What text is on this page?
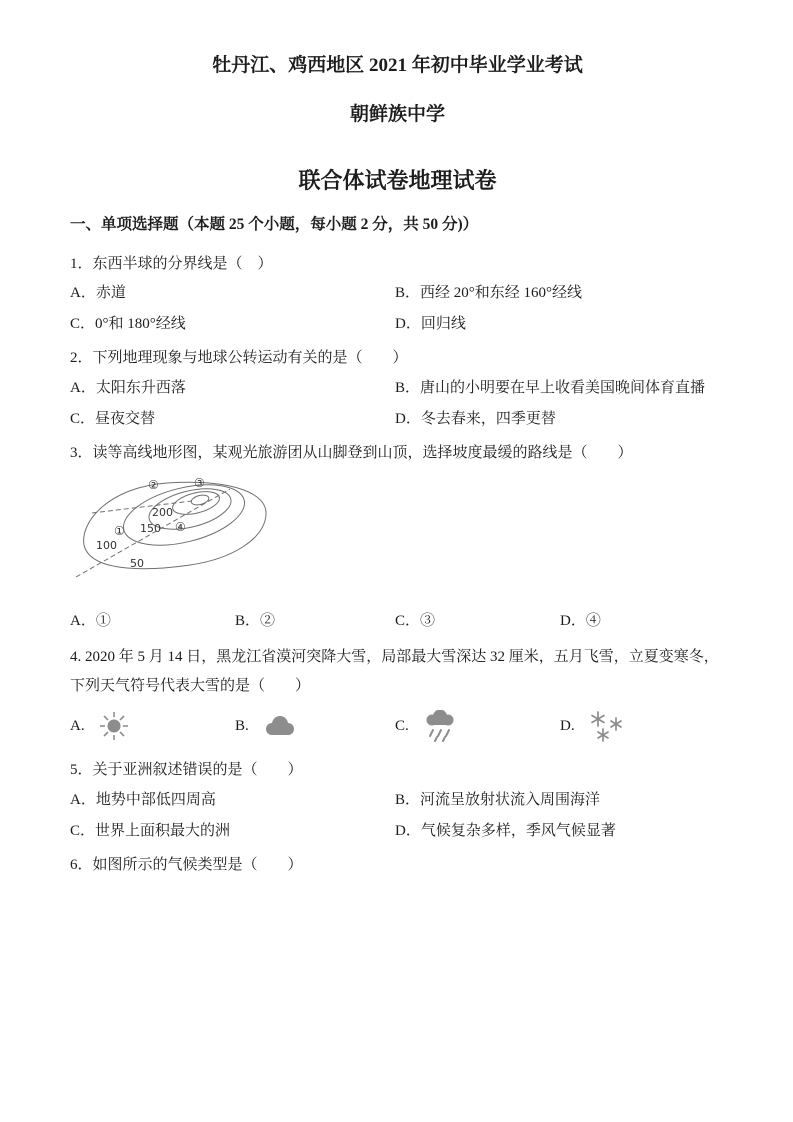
牡丹江、鸡西地区 2021 年初中毕业学业考试
朝鲜族中学
联合体试卷地理试卷
一、单项选择题（本题 25 个小题，每小题 2 分，共 50 分)）
1．东西半球的分界线是（　）
A．赤道	B．西经 20°和东经 160°经线
C．0°和 180°经线	D．回归线
2．下列地理现象与地球公转运动有关的是（　　）
A．太阳东升西落	B．唐山的小明要在早上收看美国晚间体育直播
C．昼夜交替	D．冬去春来，四季更替
3．读等高线地形图，某观光旅游团从山脚登到山顶，选择坡度最缓的路线是（　　）
②	③
④
①
200
150
100
50
A．①	B．②	C．③	D．④
4. 2020 年 5 月 14 日，黑龙江省漠河突降大雪，局部最大雪深达 32 厘米，五月飞雪，立夏变寒冬，下列天气符号代表大雪的是（　　）
A.	B.	C.	D.
5．关于亚洲叙述错误的是（　　）
A．地势中部低四周高	B．河流呈放射状流入周围海洋
C．世界上面积最大的洲	D．气候复杂多样，季风气候显著
6．如图所示的气候类型是（　　）
